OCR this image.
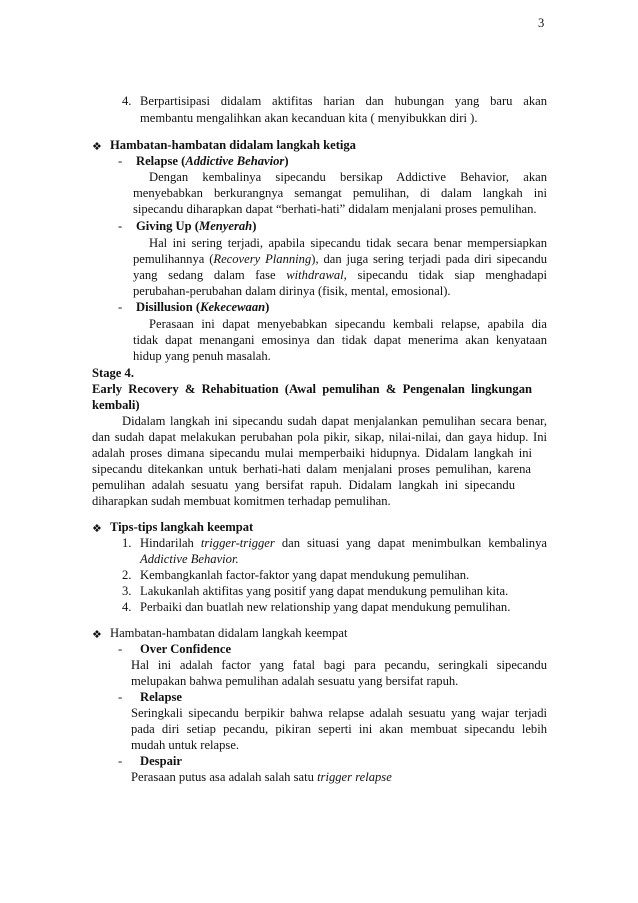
3
4. Berpartisipasi didalam aktifitas harian dan hubungan yang baru akan
membantu mengalihkan akan kecanduan kita ( menyibukkan diri ).
❖ Hambatan-hambatan didalam langkah ketiga
- Relapse (Addictive Behavior)
Dengan kembalinya sipecandu bersikap Addictive Behavior, akan
menyebabkan berkurangnya semangat pemulihan, di dalam langkah ini
sipecandu diharapkan dapat “berhati-hati” didalam menjalani proses pemulihan.
- Giving Up (Menyerah)
Hal ini sering terjadi, apabila sipecandu tidak secara benar mempersiapkan
pemulihannya (Recovery Planning), dan juga sering terjadi pada diri sipecandu
yang sedang dalam fase withdrawal, sipecandu tidak siap menghadapi
perubahan-perubahan dalam dirinya (fisik, mental, emosional).
- Disillusion (Kekecewaan)
Perasaan ini dapat menyebabkan sipecandu kembali relapse, apabila dia
tidak dapat menangani emosinya dan tidak dapat menerima akan kenyataan
hidup yang penuh masalah.
Stage 4.
Early Recovery & Rehabituation (Awal pemulihan & Pengenalan lingkungan
kembali)
Didalam langkah ini sipecandu sudah dapat menjalankan pemulihan secara benar,
dan sudah dapat melakukan perubahan pola pikir, sikap, nilai-nilai, dan gaya hidup. Ini
adalah proses dimana sipecandu mulai memperbaiki hidupnya. Didalam langkah ini
sipecandu ditekankan untuk berhati-hati dalam menjalani proses pemulihan, karena
pemulihan adalah sesuatu yang bersifat rapuh. Didalam langkah ini sipecandu
diharapkan sudah membuat komitmen terhadap pemulihan.
❖ Tips-tips langkah keempat
1. Hindarilah trigger-trigger dan situasi yang dapat menimbulkan kembalinya
Addictive Behavior.
2. Kembangkanlah factor-faktor yang dapat mendukung pemulihan.
3. Lakukanlah aktifitas yang positif yang dapat mendukung pemulihan kita.
4. Perbaiki dan buatlah new relationship yang dapat mendukung pemulihan.
❖ Hambatan-hambatan didalam langkah keempat
- Over Confidence
Hal ini adalah factor yang fatal bagi para pecandu, seringkali sipecandu
melupakan bahwa pemulihan adalah sesuatu yang bersifat rapuh.
- Relapse
Seringkali sipecandu berpikir bahwa relapse adalah sesuatu yang wajar terjadi
pada diri setiap pecandu, pikiran seperti ini akan membuat sipecandu lebih
mudah untuk relapse.
- Despair
Perasaan putus asa adalah salah satu trigger relapse
